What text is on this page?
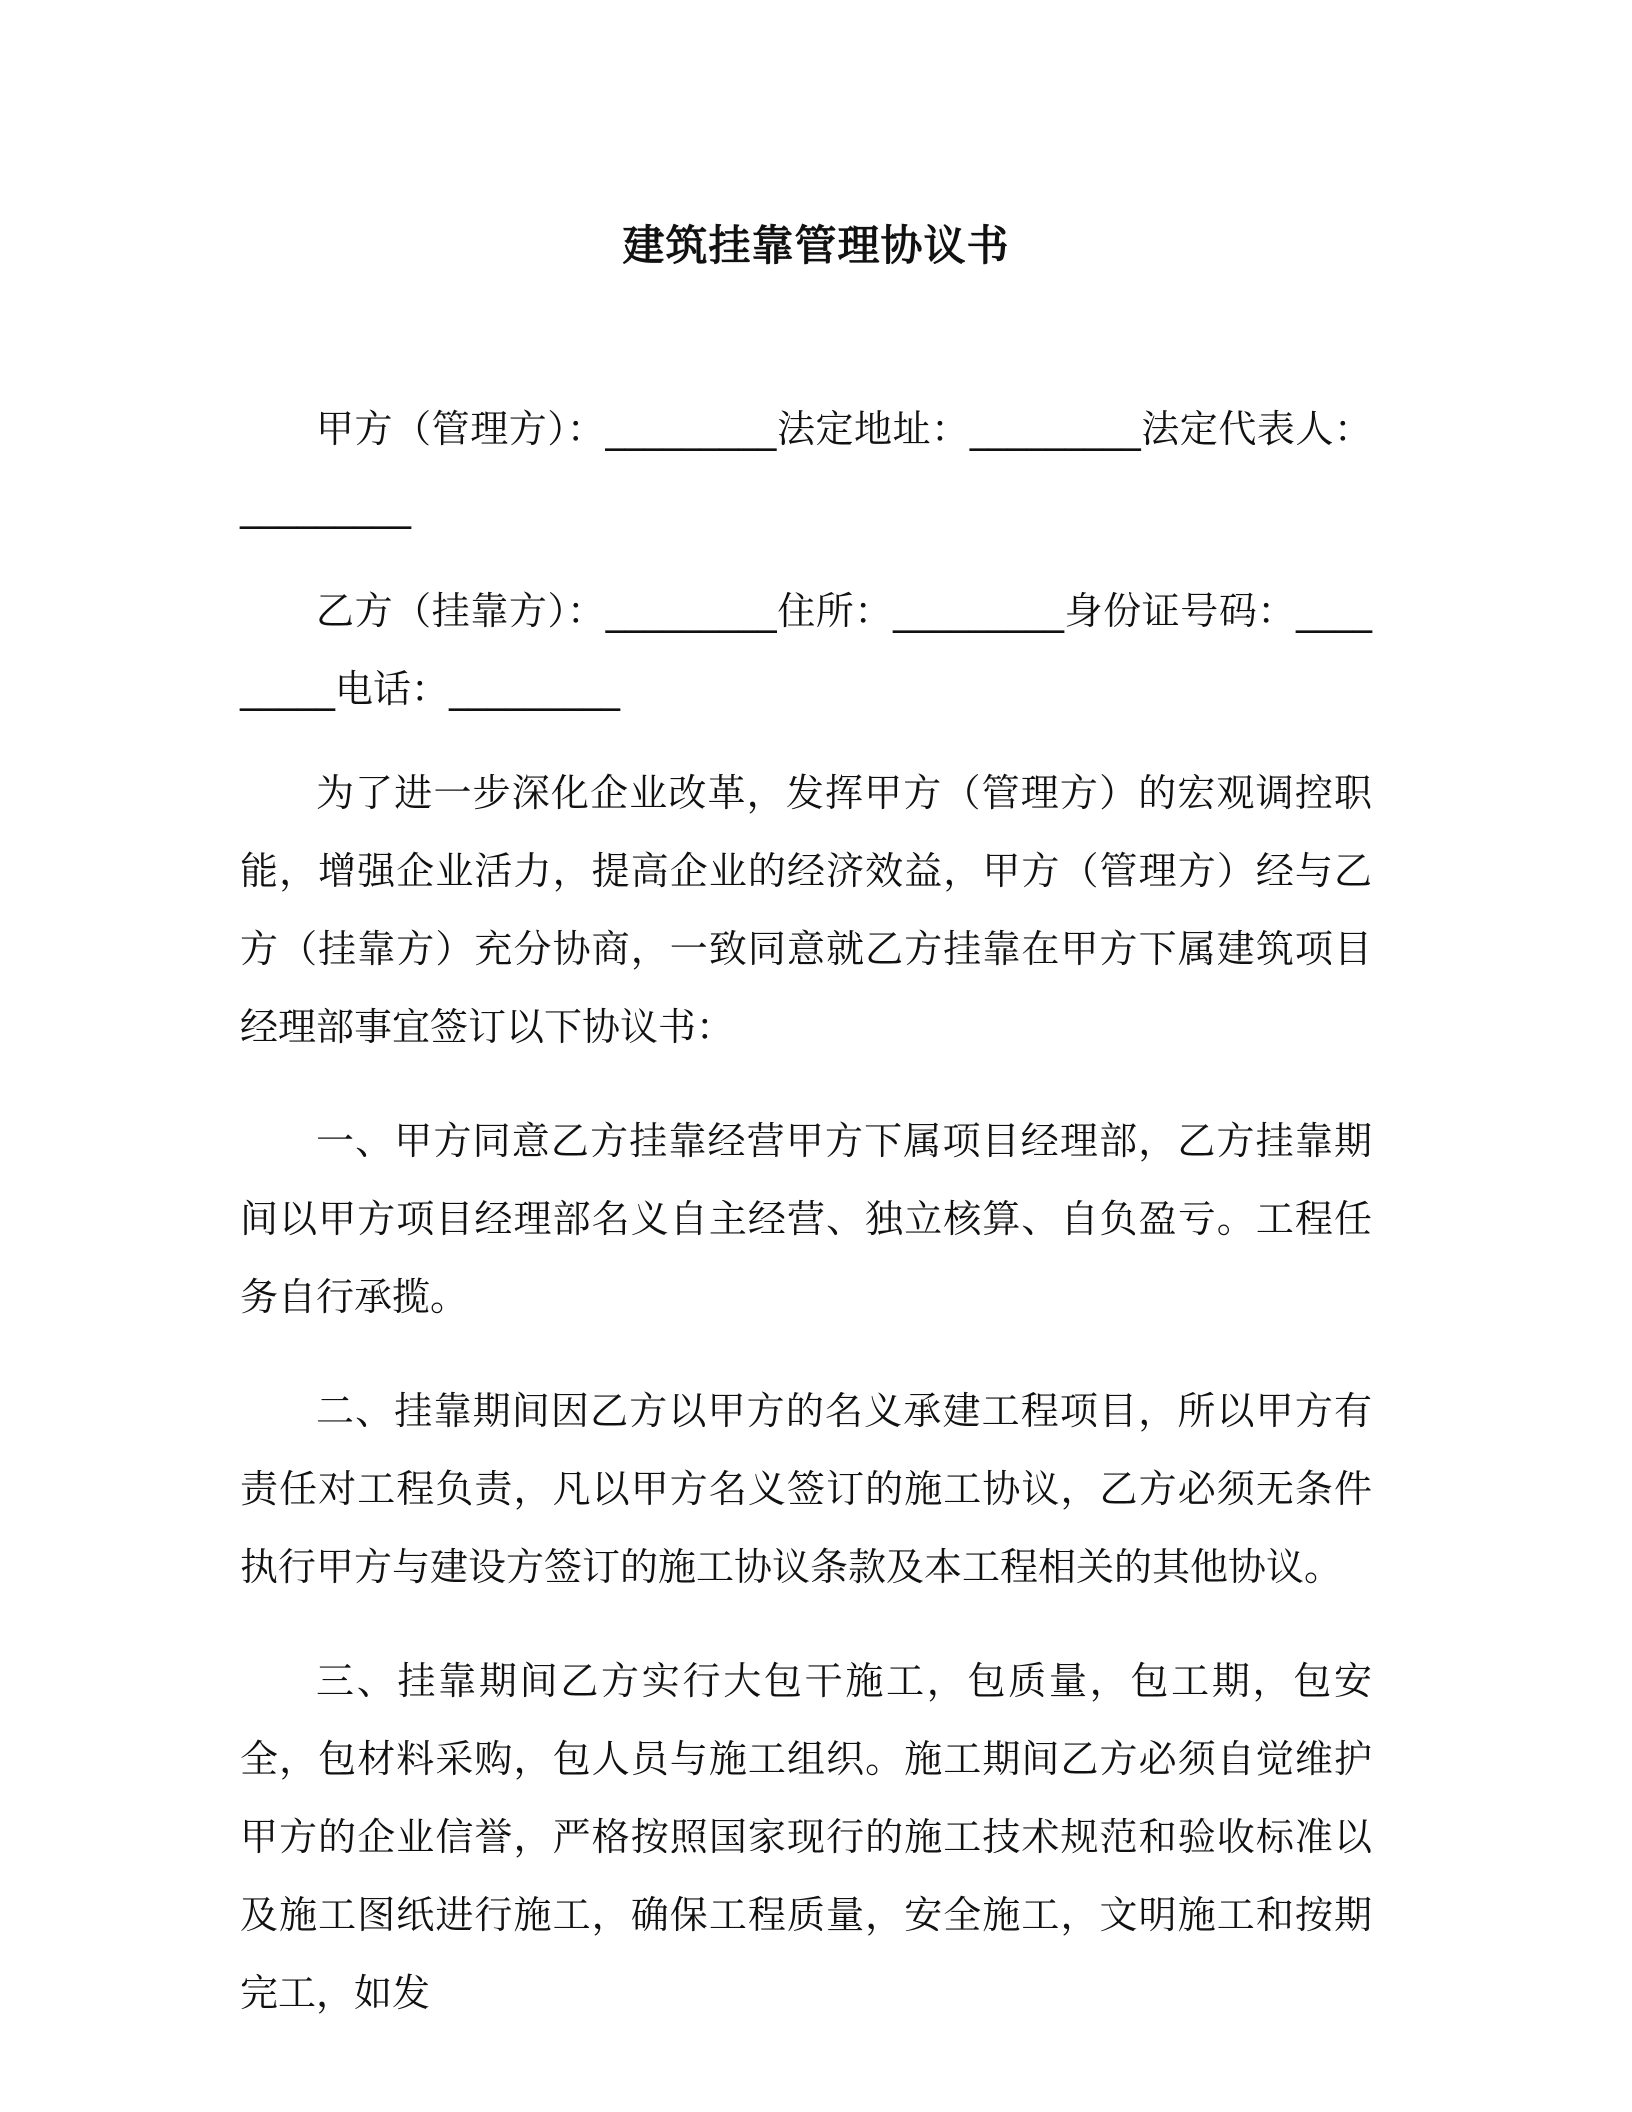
建筑挂靠管理协议书

甲方（管理方）：_________法定地址：_________法定代表人：_________

乙方（挂靠方）：_________住所：_________身份证号码：_________电话：_________

为了进一步深化企业改革，发挥甲方（管理方）的宏观调控职能，增强企业活力，提高企业的经济效益，甲方（管理方）经与乙方（挂靠方）充分协商，一致同意就乙方挂靠在甲方下属建筑项目经理部事宜签订以下协议书：

一、甲方同意乙方挂靠经营甲方下属项目经理部，乙方挂靠期间以甲方项目经理部名义自主经营、独立核算、自负盈亏。工程任务自行承揽。

二、挂靠期间因乙方以甲方的名义承建工程项目，所以甲方有责任对工程负责，凡以甲方名义签订的施工协议，乙方必须无条件执行甲方与建设方签订的施工协议条款及本工程相关的其他协议。

三、挂靠期间乙方实行大包干施工，包质量，包工期，包安全，包材料采购，包人员与施工组织。施工期间乙方必须自觉维护甲方的企业信誉，严格按照国家现行的施工技术规范和验收标准以及施工图纸进行施工，确保工程质量，安全施工，文明施工和按期完工，如发
